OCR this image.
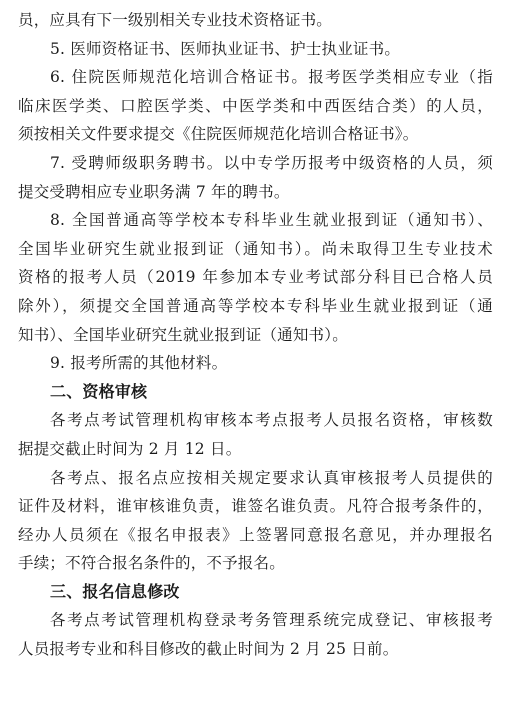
员，应具有下一级别相关专业技术资格证书。
5. 医师资格证书、医师执业证书、护士执业证书。
6. 住院医师规范化培训合格证书。报考医学类相应专业（指
临床医学类、口腔医学类、中医学类和中西医结合类）的人员，
须按相关文件要求提交《住院医师规范化培训合格证书》。
7. 受聘师级职务聘书。以中专学历报考中级资格的人员，须
提交受聘相应专业职务满 7 年的聘书。
8. 全国普通高等学校本专科毕业生就业报到证（通知书）、
全国毕业研究生就业报到证（通知书）。尚未取得卫生专业技术
资格的报考人员（2019 年参加本专业考试部分科目已合格人员
除外），须提交全国普通高等学校本专科毕业生就业报到证（通
知书）、全国毕业研究生就业报到证（通知书）。
9. 报考所需的其他材料。
二、资格审核
各考点考试管理机构审核本考点报考人员报名资格，审核数
据提交截止时间为 2 月 12 日。
各考点、报名点应按相关规定要求认真审核报考人员提供的
证件及材料，谁审核谁负责，谁签名谁负责。凡符合报考条件的，
经办人员须在《报名申报表》上签署同意报名意见，并办理报名
手续；不符合报名条件的，不予报名。
三、报名信息修改
各考点考试管理机构登录考务管理系统完成登记、审核报考
人员报考专业和科目修改的截止时间为 2 月 25 日前。
